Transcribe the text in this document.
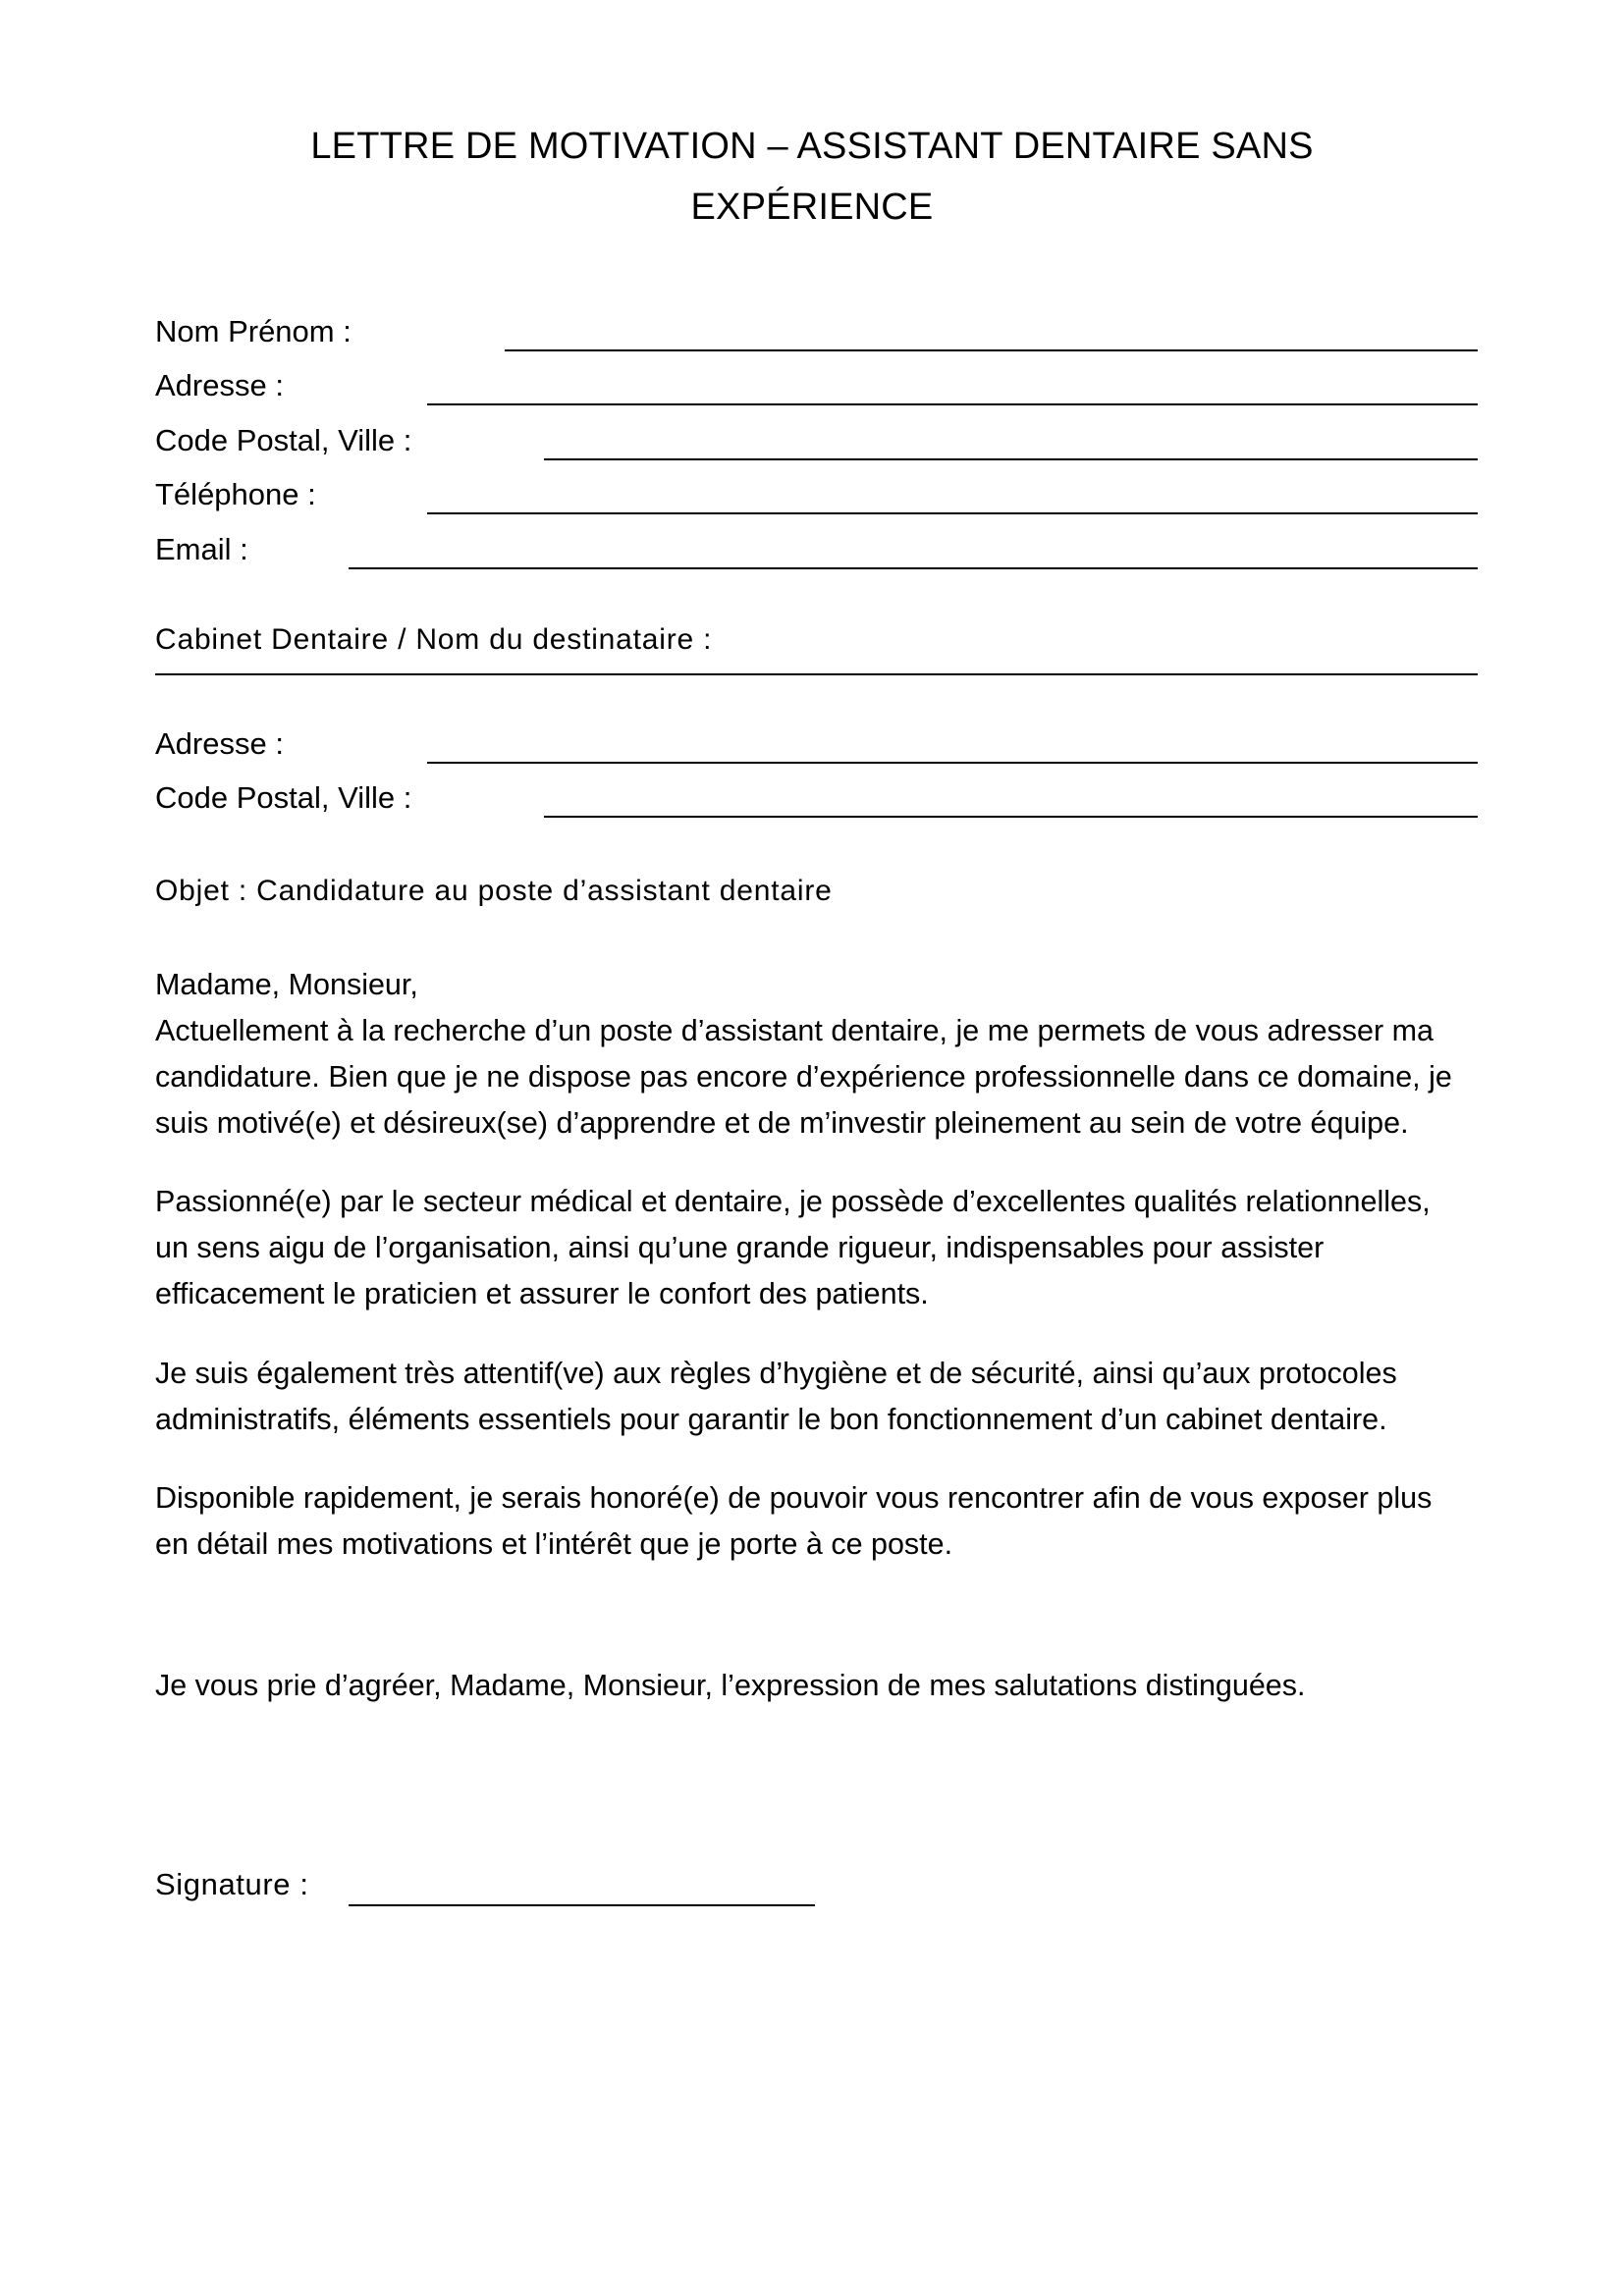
LETTRE DE MOTIVATION – ASSISTANT DENTAIRE SANS
EXPÉRIENCE
Nom Prénom :
Adresse :
Code Postal, Ville :
Téléphone :
Email :
Cabinet Dentaire / Nom du destinataire :
Adresse :
Code Postal, Ville :
Objet : Candidature au poste d’assistant dentaire
Madame, Monsieur,
Actuellement à la recherche d’un poste d’assistant dentaire, je me permets de vous adresser ma
candidature. Bien que je ne dispose pas encore d’expérience professionnelle dans ce domaine, je
suis motivé(e) et désireux(se) d’apprendre et de m’investir pleinement au sein de votre équipe.
Passionné(e) par le secteur médical et dentaire, je possède d’excellentes qualités relationnelles,
un sens aigu de l’organisation, ainsi qu’une grande rigueur, indispensables pour assister
efficacement le praticien et assurer le confort des patients.
Je suis également très attentif(ve) aux règles d’hygiène et de sécurité, ainsi qu’aux protocoles
administratifs, éléments essentiels pour garantir le bon fonctionnement d’un cabinet dentaire.
Disponible rapidement, je serais honoré(e) de pouvoir vous rencontrer afin de vous exposer plus
en détail mes motivations et l’intérêt que je porte à ce poste.
Je vous prie d’agréer, Madame, Monsieur, l’expression de mes salutations distinguées.
Signature :
